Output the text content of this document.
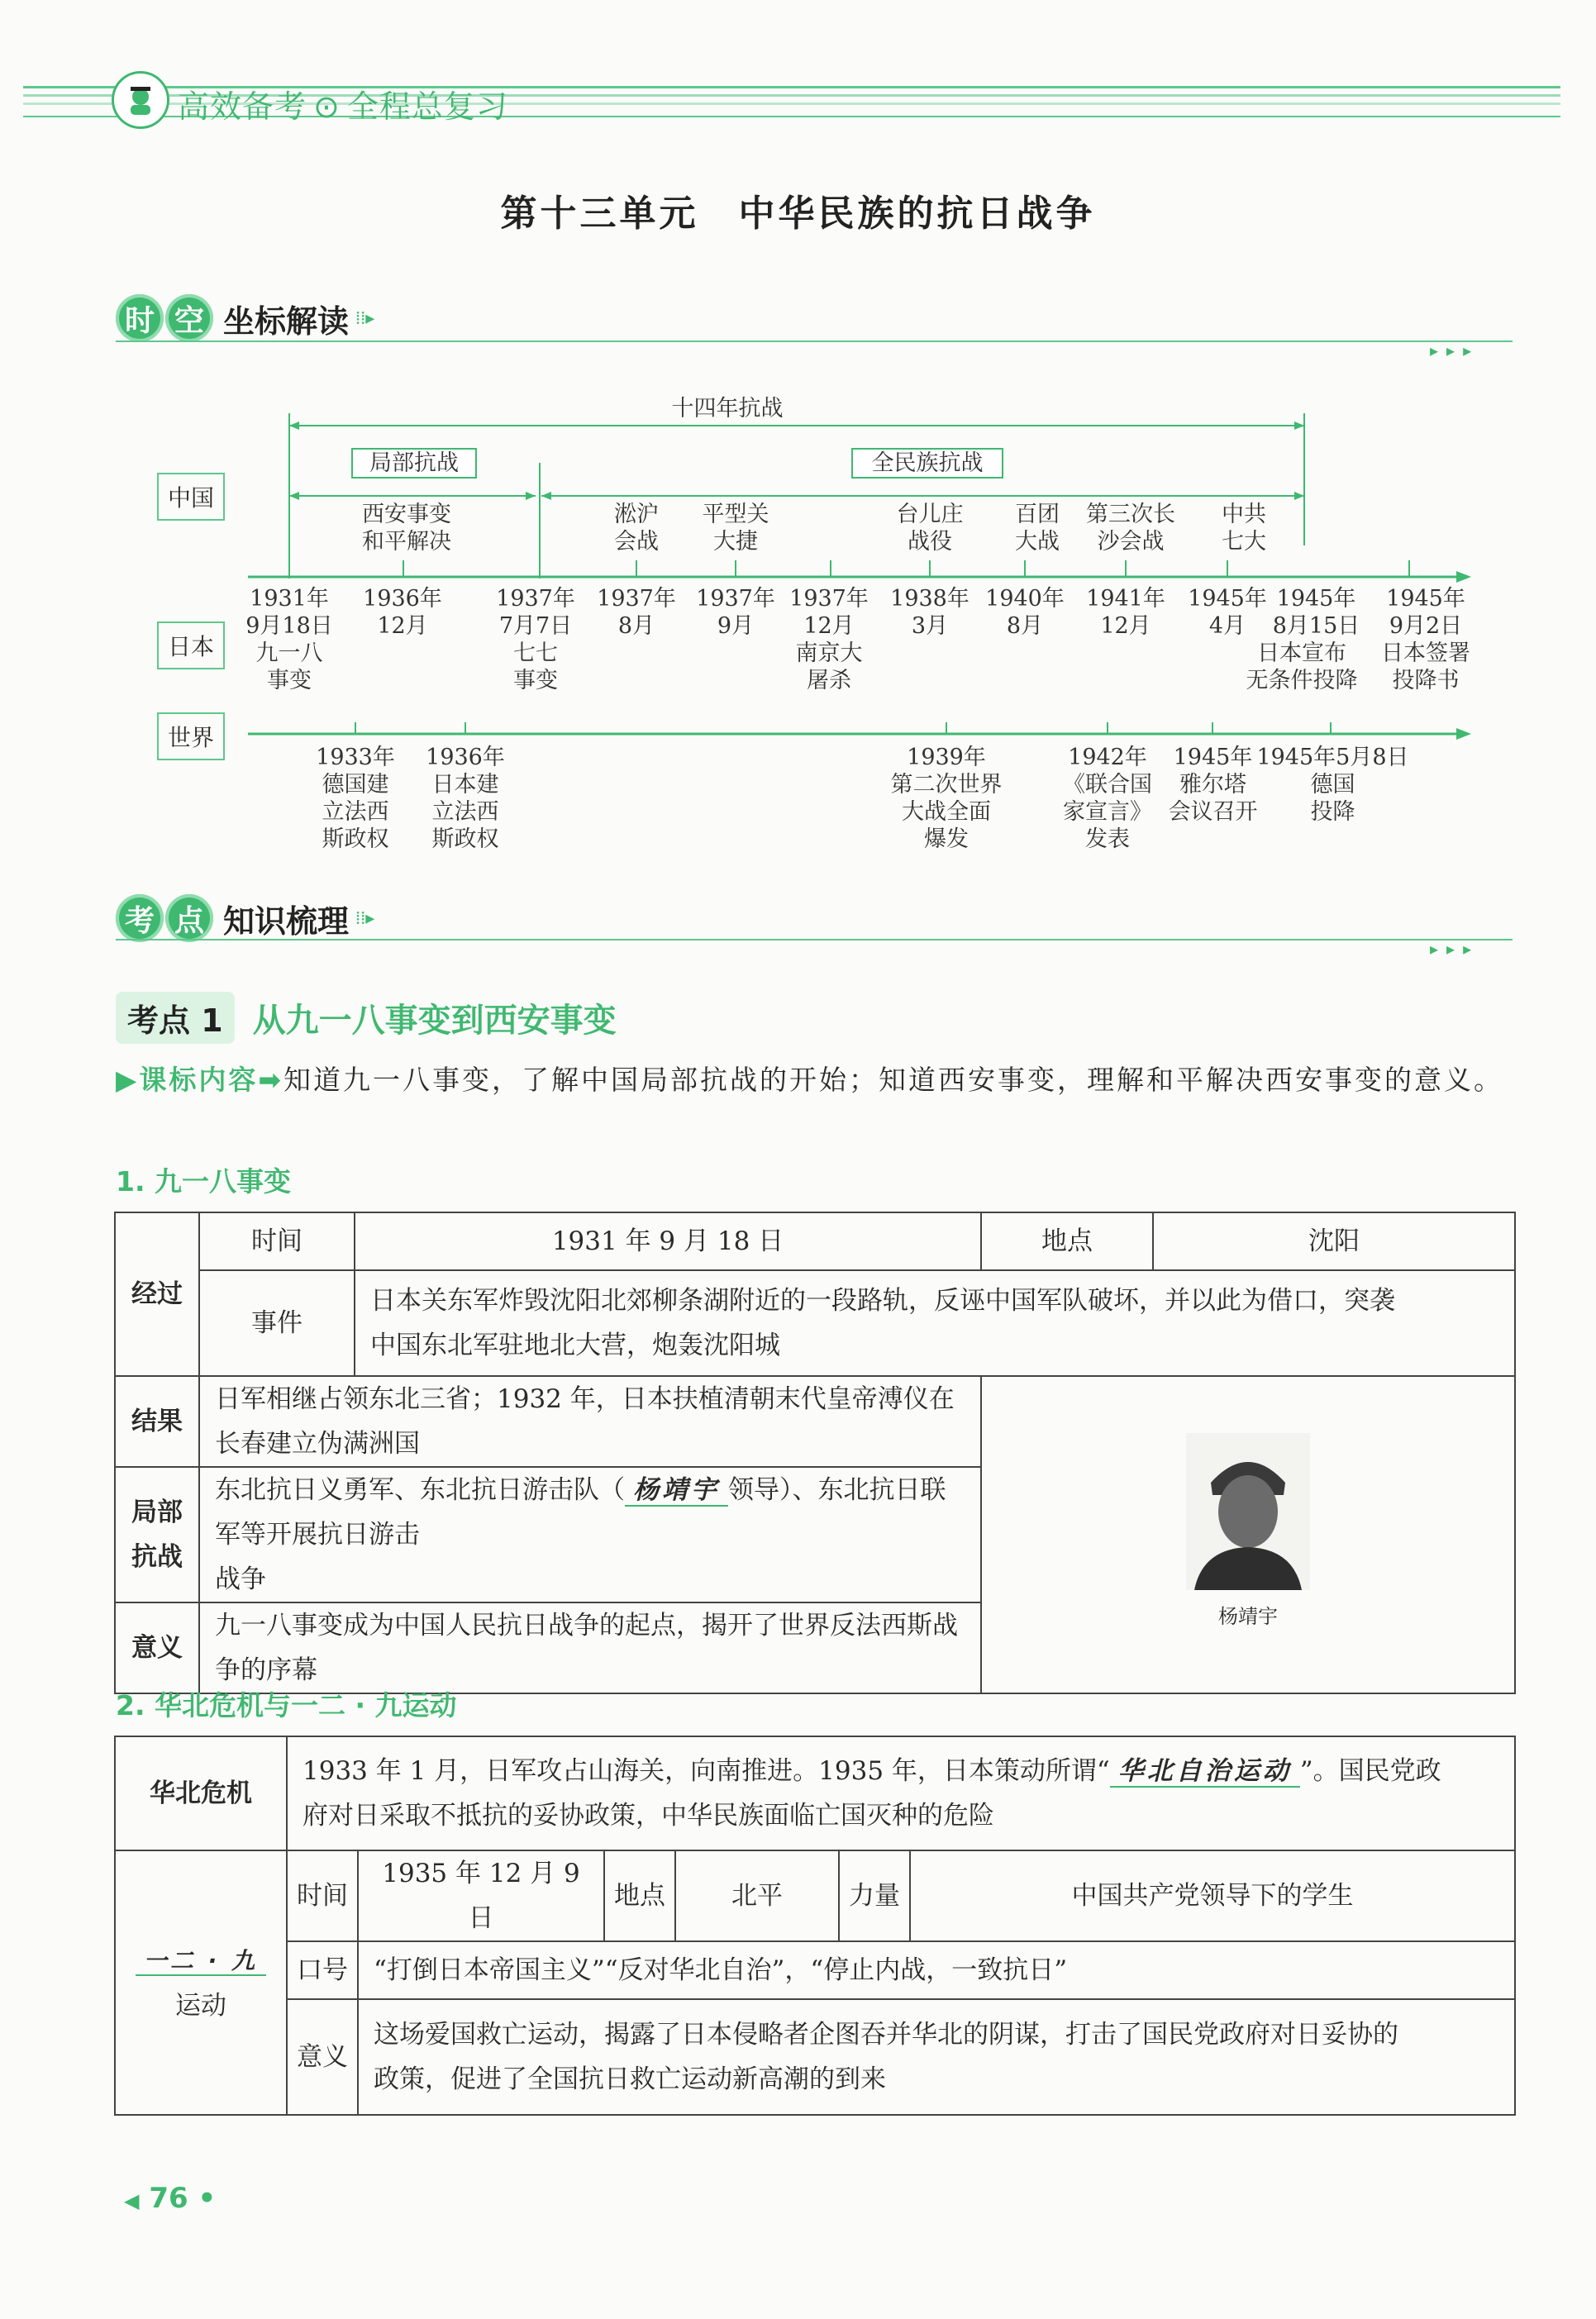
高效备考 ⊙ 全程总复习
第十三单元　中华民族的抗日战争
时 空 坐标解读 ⁞⁞▸
▸▸▸
十四年抗战
局部抗战	全民族抗战
中国
日本
世界
西安事变
和平解决
淞沪
会战
平型关
大捷
台儿庄
战役
百团
大战
第三次长
沙会战
中共
七大
1931年
9月18日
九一八
事变
1936年
12月
1937年
7月7日
七七
事变
1937年
8月
1937年
9月
1937年
12月
南京大
屠杀
1938年
3月
1940年
8月
1941年
12月
1945年
4月
1945年
8月15日
日本宣布
无条件投降
1945年
9月2日
日本签署
投降书
1933年
德国建
立法西
斯政权
1936年
日本建
立法西
斯政权
1939年
第二次世界
大战全面
爆发
1942年
《联合国
家宣言》
发表
1945年
雅尔塔
会议召开
1945年5月8日
德国
投降
考 点 知识梳理 ⁞⁞▸
▸▸▸
考点 1 从九一八事变到西安事变
▶课标内容➡知道九一八事变，了解中国局部抗战的开始；知道西安事变，理解和平解决西安事变的意义。
1. 九一八事变
经过	时间	1931 年 9 月 18 日	地点	沈阳
	事件	日本关东军炸毁沈阳北郊柳条湖附近的一段路轨，反诬中国军队破坏，并以此为借口，突袭
中国东北军驻地北大营，炮轰沈阳城		
结果	日军相继占领东北三省；1932 年，日本扶植清朝末代皇帝溥仪在长春建立伪满洲国		杨靖宇	

局部
抗战	东北抗日义勇军、东北抗日游击队（ 杨靖宇 领导）、东北抗日联军等开展抗日游击
战争			
意义	九一八事变成为中国人民抗日战争的起点，揭开了世界反法西斯战争的序幕			
2. 华北危机与一二 · 九运动
华北危机	1933 年 1 月，日军攻占山海关，向南推进。1935 年，日本策动所谓“ 华北自治运动 ”。国民党政
府对日采取不抵抗的妥协政策，中华民族面临亡国灭种的危险					
一二 · 九
运动	时间	1935 年 12 月 9 日	地点	北平	力量	中国共产党领导下的学生
	口号	“打倒日本帝国主义”“反对华北自治”，“停止内战，一致抗日”				
	意义	这场爱国救亡运动，揭露了日本侵略者企图吞并华北的阴谋，打击了国民党政府对日妥协的
政策，促进了全国抗日救亡运动新高潮的到来				
◀ 76 •
